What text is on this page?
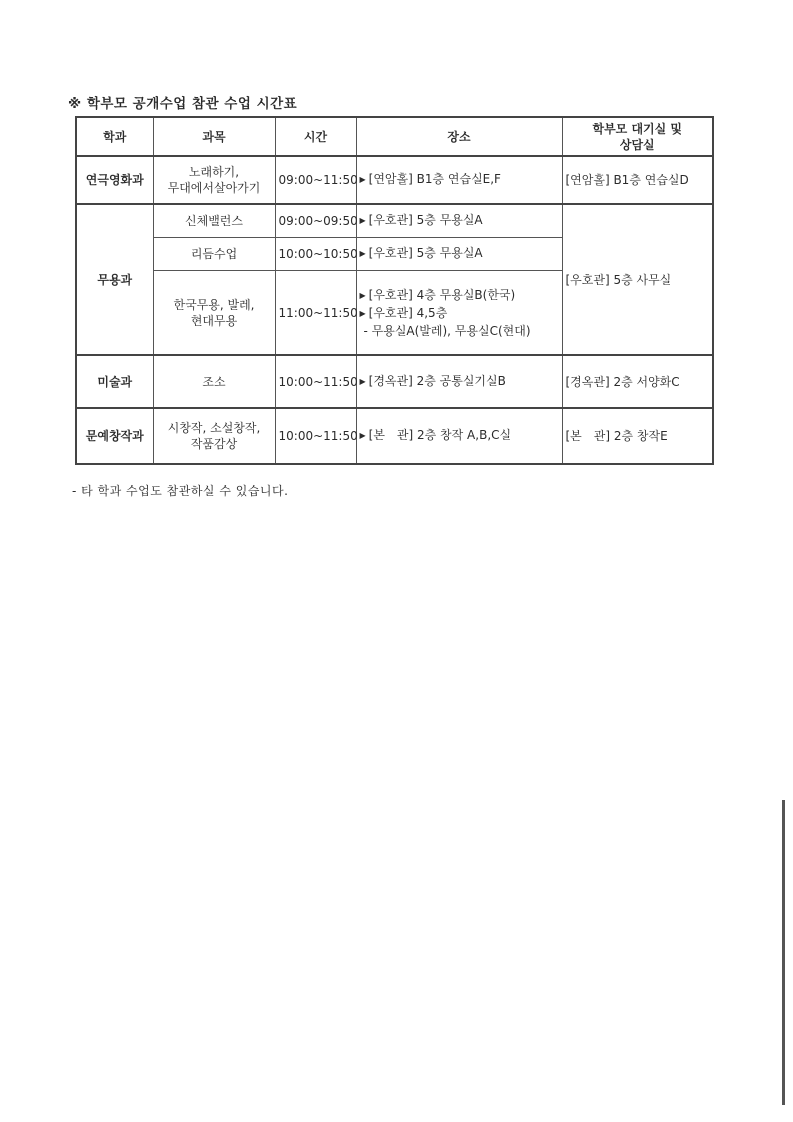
※ 학부모 공개수업 참관 수업 시간표
학과	과목	시간	장소	학부모 대기실 및
상담실

연극영화과	노래하기,
무대에서살아가기	09:00~11:50	▶ [연암홀] B1층 연습실E,F	[연암홀] B1층 연습실D
무용과	신체밸런스	09:00~09:50	▶ [우호관] 5층 무용실A	[우호관] 5층 사무실
	리듬수업	10:00~10:50	▶ [우호관] 5층 무용실A	

	한국무용, 발레,
현대무용	11:00~11:50	▶ [우호관] 4층 무용실B(한국)
▶ [우호관] 4,5층
- 무용실A(발레), 무용실C(현대)	

미술과	조소	10:00~11:50	▶ [경옥관] 2층 공통실기실B	[경옥관] 2층 서양화C
문예창작과	시창작, 소설창작,
작품감상	10:00~11:50	▶ [본　관] 2층 창작 A,B,C실	[본　관] 2층 창작E
- 타 학과 수업도 참관하실 수 있습니다.
